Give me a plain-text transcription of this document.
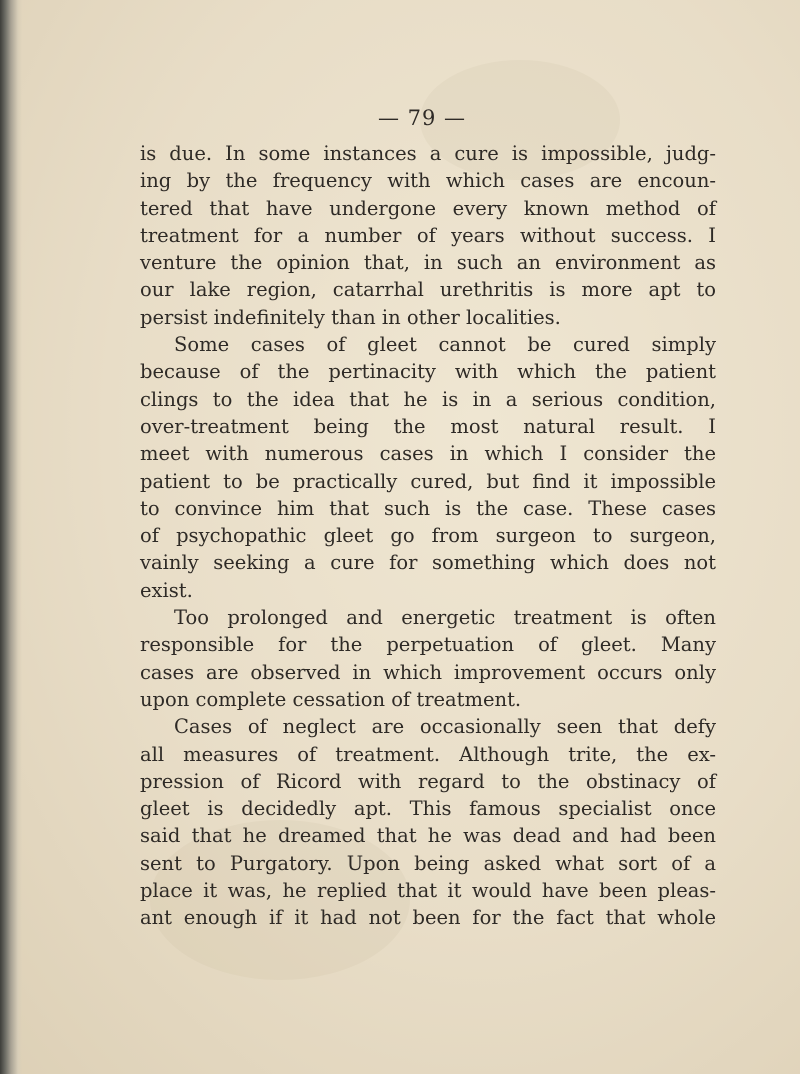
— 79 —
is due. In some instances a cure is impossible, judg-
ing by the frequency with which cases are encoun-
tered that have undergone every known method of
treatment for a number of years without success. I
venture the opinion that, in such an environment as
our lake region, catarrhal urethritis is more apt to
persist indefinitely than in other localities.
Some cases of gleet cannot be cured simply
because of the pertinacity with which the patient
clings to the idea that he is in a serious condition,
over-treatment being the most natural result. I
meet with numerous cases in which I consider the
patient to be practically cured, but find it impossible
to convince him that such is the case. These cases
of psychopathic gleet go from surgeon to surgeon,
vainly seeking a cure for something which does not
exist.
Too prolonged and energetic treatment is often
responsible for the perpetuation of gleet. Many
cases are observed in which improvement occurs only
upon complete cessation of treatment.
Cases of neglect are occasionally seen that defy
all measures of treatment. Although trite, the ex-
pression of Ricord with regard to the obstinacy of
gleet is decidedly apt. This famous specialist once
said that he dreamed that he was dead and had been
sent to Purgatory. Upon being asked what sort of a
place it was, he replied that it would have been pleas-
ant enough if it had not been for the fact that whole
